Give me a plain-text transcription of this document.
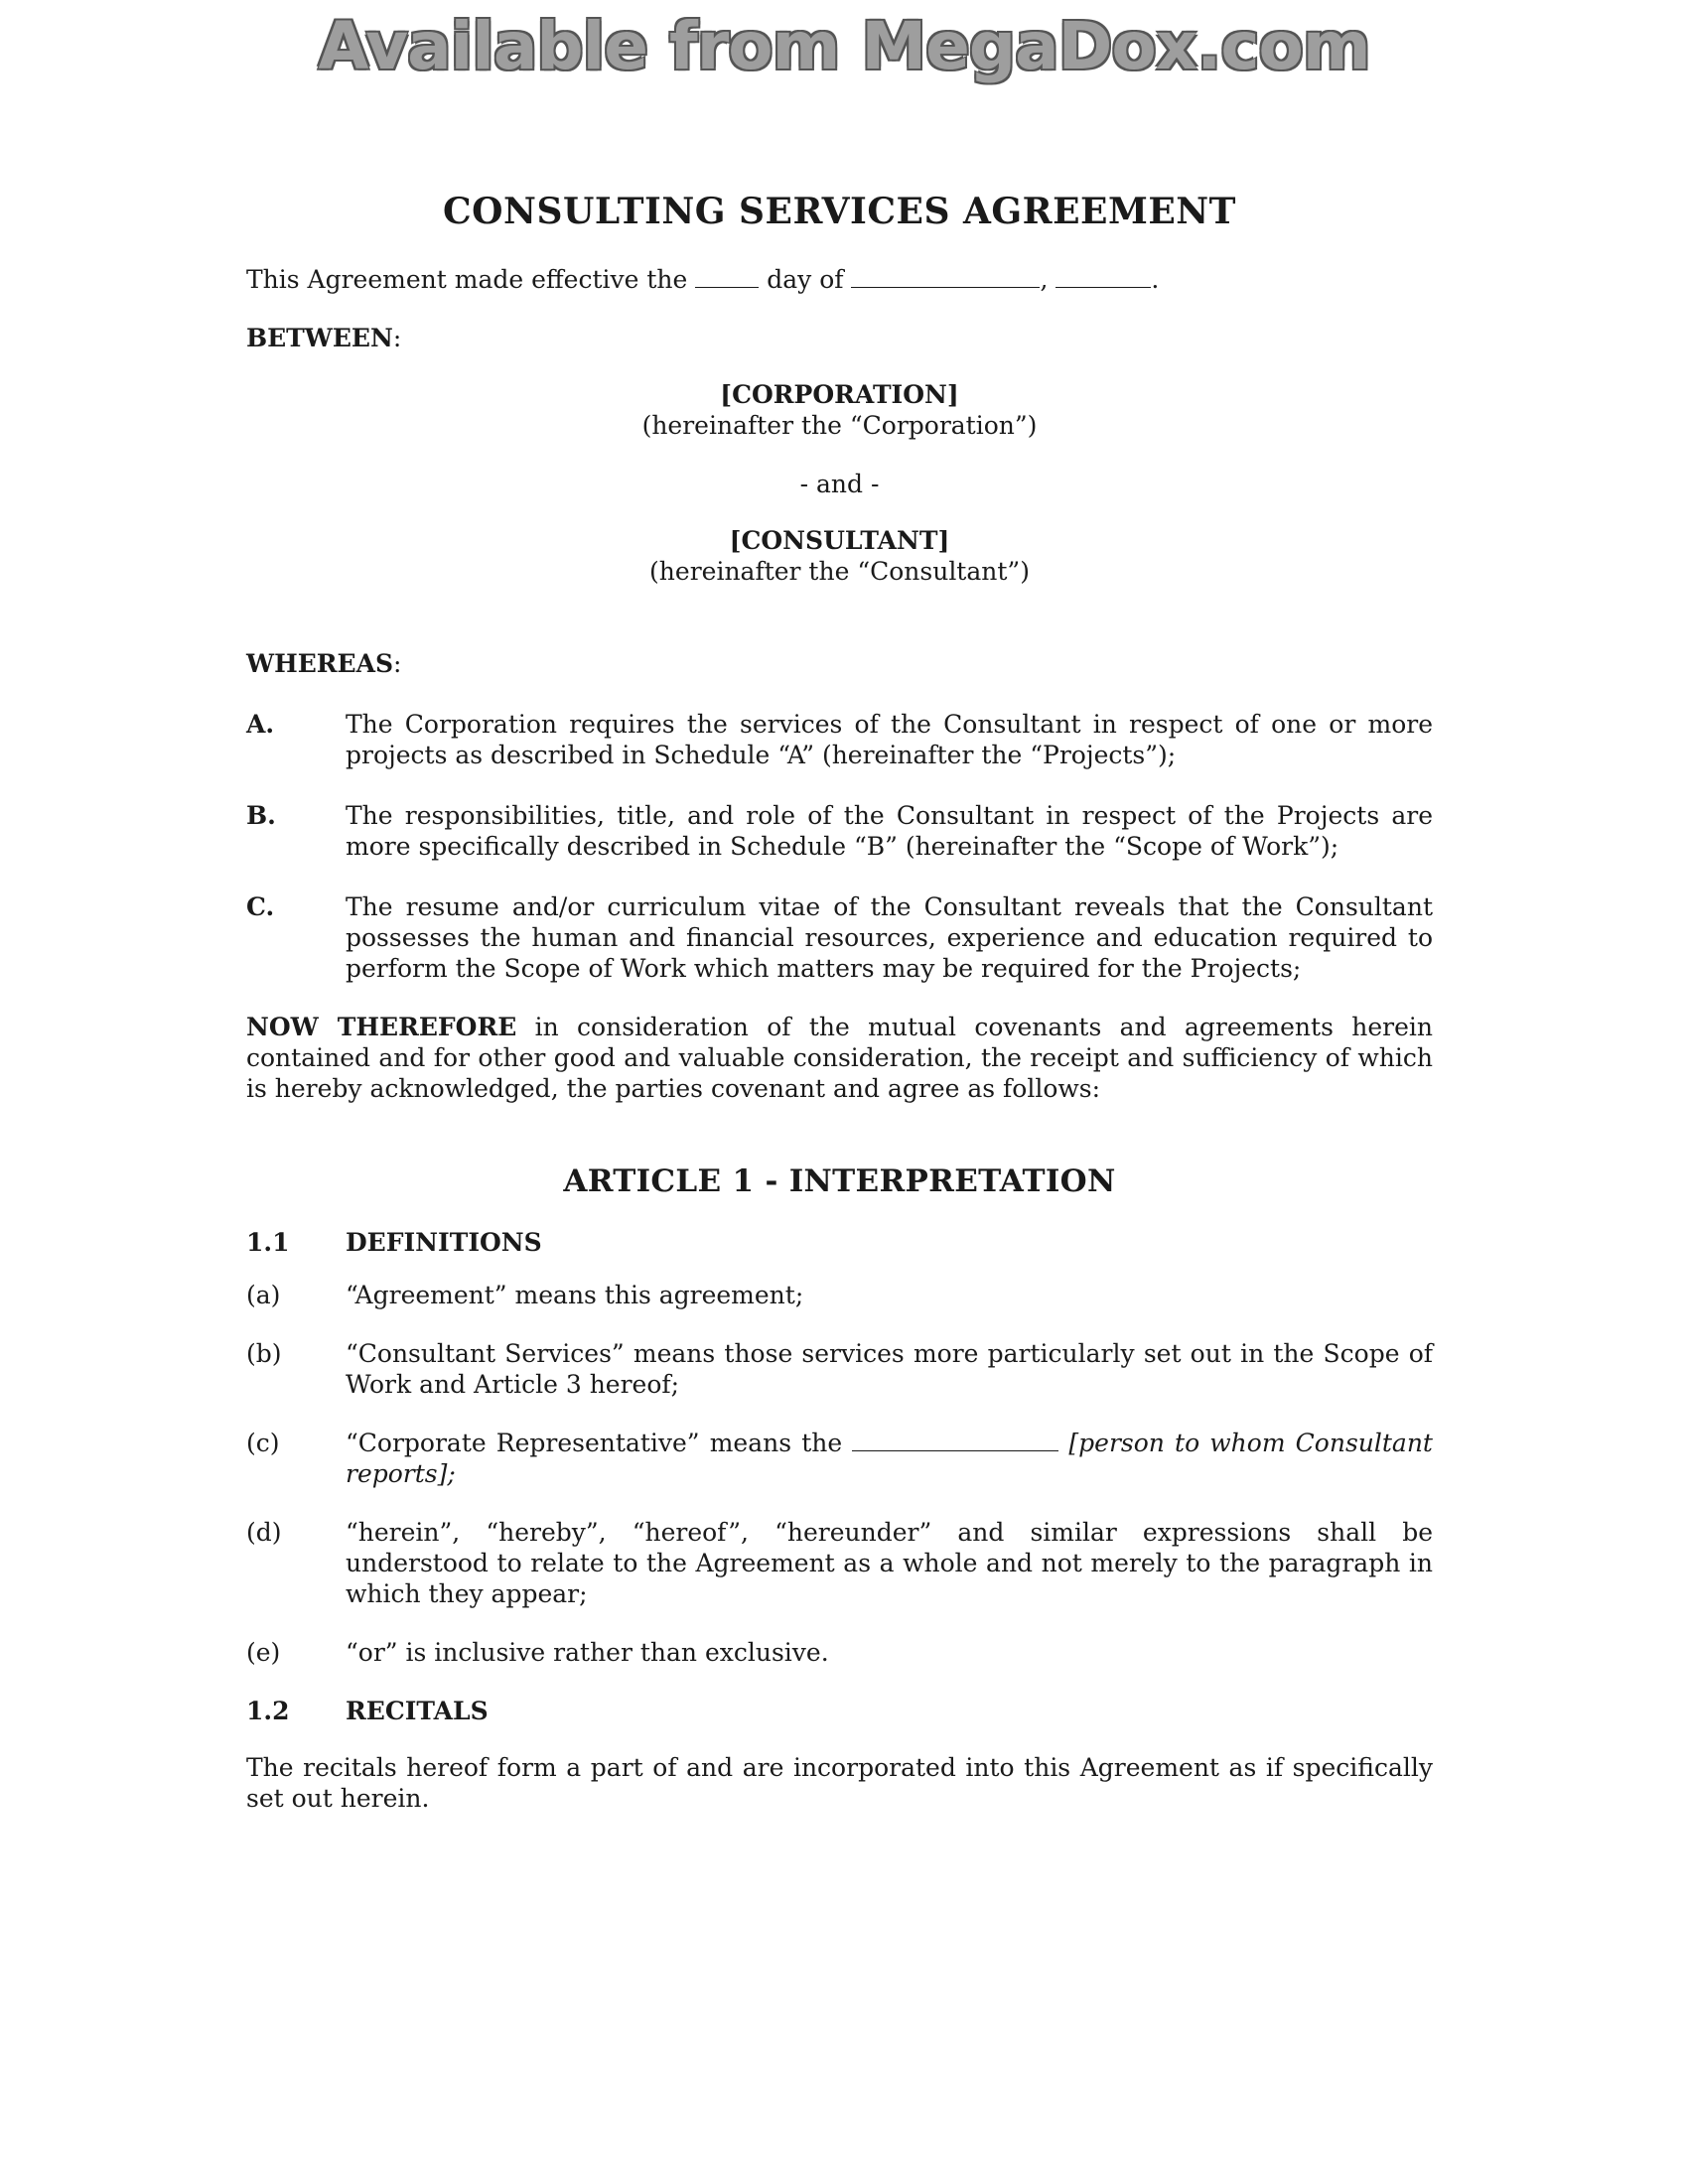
Available from MegaDox.com
CONSULTING SERVICES AGREEMENT

This Agreement made effective the	day of	,	.

BETWEEN:

[CORPORATION]

(hereinafter the “Corporation”)

- and -

[CONSULTANT]

(hereinafter the “Consultant”)

WHEREAS:

A.	The Corporation requires the services of the Consultant in respect of one or more projects as described in Schedule “A” (hereinafter the “Projects”);

B.	The responsibilities, title, and role of the Consultant in respect of the Projects are more specifically described in Schedule “B” (hereinafter the “Scope of Work”);

C.	The resume and/or curriculum vitae of the Consultant reveals that the Consultant possesses the human and financial resources, experience and education required to perform the Scope of Work which matters may be required for the Projects;

NOW THEREFORE in consideration of the mutual covenants and agreements herein contained and for other good and valuable consideration, the receipt and sufficiency of which is hereby acknowledged, the parties covenant and agree as follows:

ARTICLE 1 - INTERPRETATION
1.1	DEFINITIONS
(a)	“Agreement” means this agreement;

(b)	“Consultant Services” means those services more particularly set out in the Scope of Work and Article 3 hereof;

(c)	“Corporate Representative” means the	[person to whom Consultant reports];

(d)	“herein”, “hereby”, “hereof”, “hereunder” and similar expressions shall be understood to relate to the Agreement as a whole and not merely to the paragraph in which they appear;

(e)	“or” is inclusive rather than exclusive.

1.2	RECITALS

The recitals hereof form a part of and are incorporated into this Agreement as if specifically set out herein.
